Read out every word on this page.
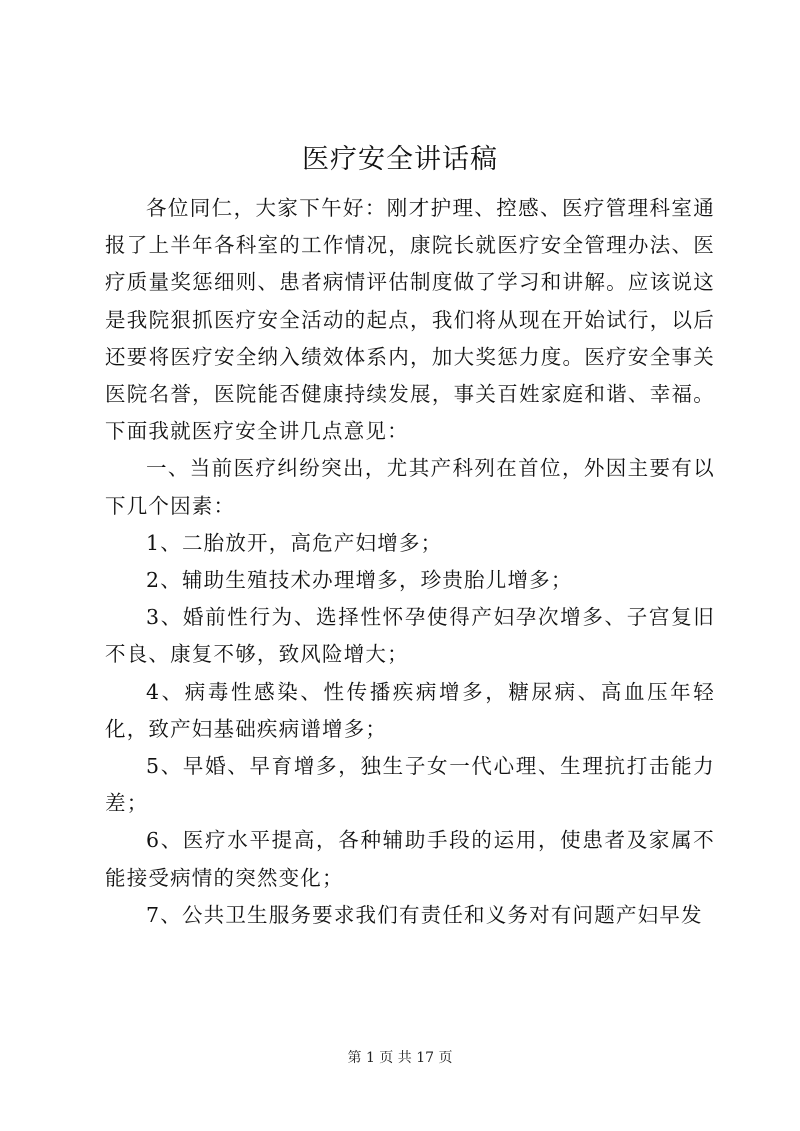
医疗安全讲话稿

各位同仁，大家下午好：刚才护理、控感、医疗管理科室通报了上半年各科室的工作情况，康院长就医疗安全管理办法、医疗质量奖惩细则、患者病情评估制度做了学习和讲解。应该说这是我院狠抓医疗安全活动的起点，我们将从现在开始试行，以后还要将医疗安全纳入绩效体系内，加大奖惩力度。医疗安全事关医院名誉，医院能否健康持续发展，事关百姓家庭和谐、幸福。下面我就医疗安全讲几点意见：

一、当前医疗纠纷突出，尤其产科列在首位，外因主要有以下几个因素：

1、二胎放开，高危产妇增多；

2、辅助生殖技术办理增多，珍贵胎儿增多；

3、婚前性行为、选择性怀孕使得产妇孕次增多、子宫复旧不良、康复不够，致风险增大；

4、病毒性感染、性传播疾病增多，糖尿病、高血压年轻化，致产妇基础疾病谱增多；

5、早婚、早育增多，独生子女一代心理、生理抗打击能力差；

6、医疗水平提高，各种辅助手段的运用，使患者及家属不能接受病情的突然变化；

7、公共卫生服务要求我们有责任和义务对有问题产妇早发

第 1 页 共 17 页
